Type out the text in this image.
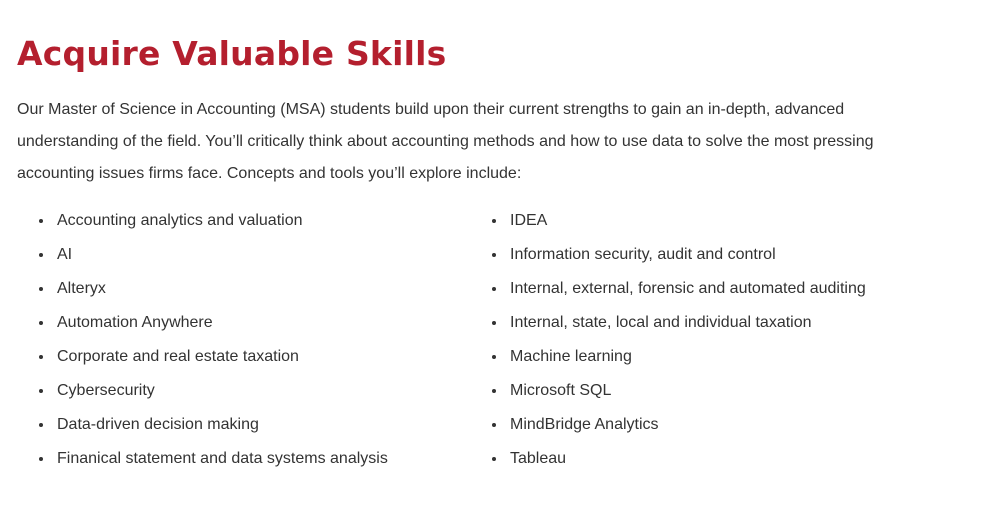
Acquire Valuable Skills

Our Master of Science in Accounting (MSA) students build upon their current strengths to gain an in-depth, advanced understanding of the field. You’ll critically think about accounting methods and how to use data to solve the most pressing accounting issues firms face. Concepts and tools you’ll explore include:

Accounting analytics and valuation
AI
Alteryx
Automation Anywhere
Corporate and real estate taxation
Cybersecurity
Data-driven decision making
Finanical statement and data systems analysis
IDEA
Information security, audit and control
Internal, external, forensic and automated auditing
Internal, state, local and individual taxation
Machine learning
Microsoft SQL
MindBridge Analytics
Tableau
